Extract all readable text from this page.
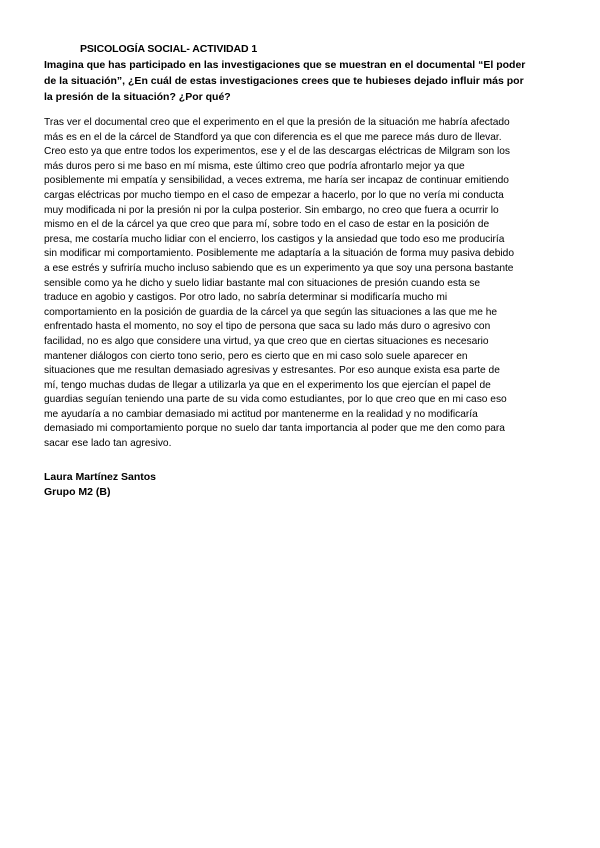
PSICOLOGÍA SOCIAL- ACTIVIDAD 1
Imagina que has participado en las investigaciones que se muestran en el documental “El poder
de la situación”, ¿En cuál de estas investigaciones crees que te hubieses dejado influir más por
la presión de la situación? ¿Por qué?
Tras ver el documental creo que el experimento en el que la presión de la situación me habría afectado
más es en el de la cárcel de Standford ya que con diferencia es el que me parece más duro de llevar.
Creo esto ya que entre todos los experimentos, ese y el de las descargas eléctricas de Milgram son los
más duros pero si me baso en mí misma, este último creo que podría afrontarlo mejor ya que
posiblemente mi empatía y sensibilidad, a veces extrema, me haría ser incapaz de continuar emitiendo
cargas eléctricas por mucho tiempo en el caso de empezar a hacerlo, por lo que no vería mi conducta
muy modificada ni por la presión ni por la culpa posterior. Sin embargo, no creo que fuera a ocurrir lo
mismo en el de la cárcel ya que creo que para mí, sobre todo en el caso de estar en la posición de
presa, me costaría mucho lidiar con el encierro, los castigos y la ansiedad que todo eso me produciría
sin modificar mi comportamiento. Posiblemente me adaptaría a la situación de forma muy pasiva debido
a ese estrés y sufriría mucho incluso sabiendo que es un experimento ya que soy una persona bastante
sensible como ya he dicho y suelo lidiar bastante mal con situaciones de presión cuando esta se
traduce en agobio y castigos. Por otro lado, no sabría determinar si modificaría mucho mi
comportamiento en la posición de guardia de la cárcel ya que según las situaciones a las que me he
enfrentado hasta el momento, no soy el tipo de persona que saca su lado más duro o agresivo con
facilidad, no es algo que considere una virtud, ya que creo que en ciertas situaciones es necesario
mantener diálogos con cierto tono serio, pero es cierto que en mi caso solo suele aparecer en
situaciones que me resultan demasiado agresivas y estresantes. Por eso aunque exista esa parte de
mí, tengo muchas dudas de llegar a utilizarla ya que en el experimento los que ejercían el papel de
guardias seguían teniendo una parte de su vida como estudiantes, por lo que creo que en mi caso eso
me ayudaría a no cambiar demasiado mi actitud por mantenerme en la realidad y no modificaría
demasiado mi comportamiento porque no suelo dar tanta importancia al poder que me den como para
sacar ese lado tan agresivo.
Laura Martínez Santos
Grupo M2 (B)
